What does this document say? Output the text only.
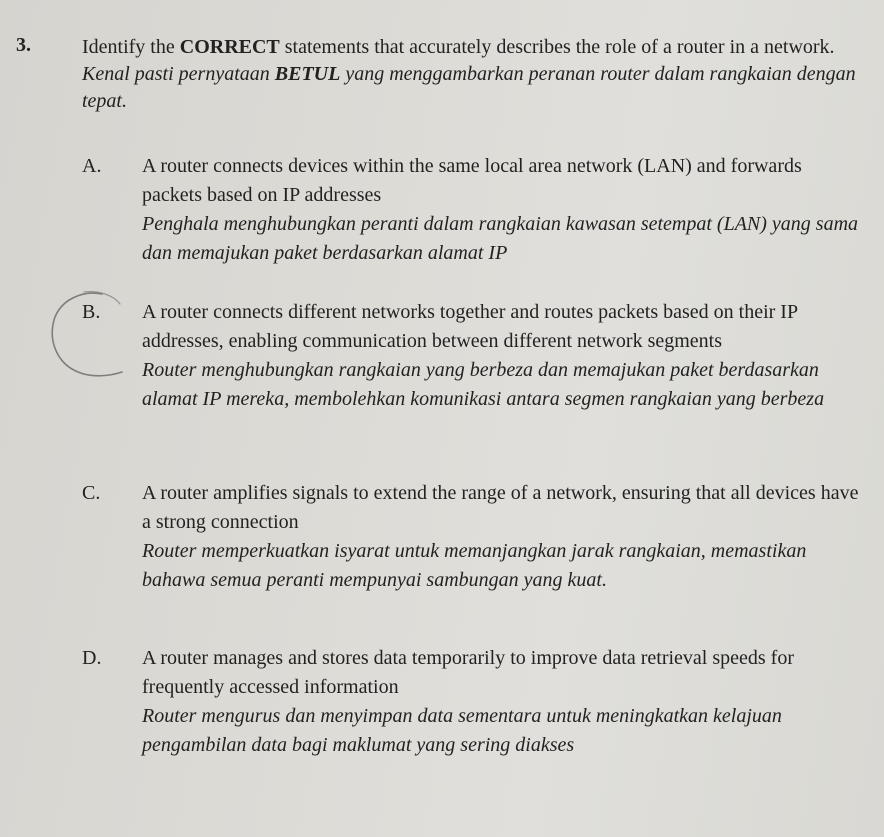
3.	Identify the CORRECT statements that accurately describes the role of a router in a network.
Kenal pasti pernyataan BETUL yang menggambarkan peranan router dalam rangkaian dengan tepat.
A. A router connects devices within the same local area network (LAN) and forwards packets based on IP addresses
Penghala menghubungkan peranti dalam rangkaian kawasan setempat (LAN) yang sama dan memajukan paket berdasarkan alamat IP
B. A router connects different networks together and routes packets based on their IP addresses, enabling communication between different network segments
Router menghubungkan rangkaian yang berbeza dan memajukan paket berdasarkan alamat IP mereka, membolehkan komunikasi antara segmen rangkaian yang berbeza
C. A router amplifies signals to extend the range of a network, ensuring that all devices have a strong connection
Router memperkuatkan isyarat untuk memanjangkan jarak rangkaian, memastikan bahawa semua peranti mempunyai sambungan yang kuat.
D. A router manages and stores data temporarily to improve data retrieval speeds for frequently accessed information
Router mengurus dan menyimpan data sementara untuk meningkatkan kelajuan pengambilan data bagi maklumat yang sering diakses
